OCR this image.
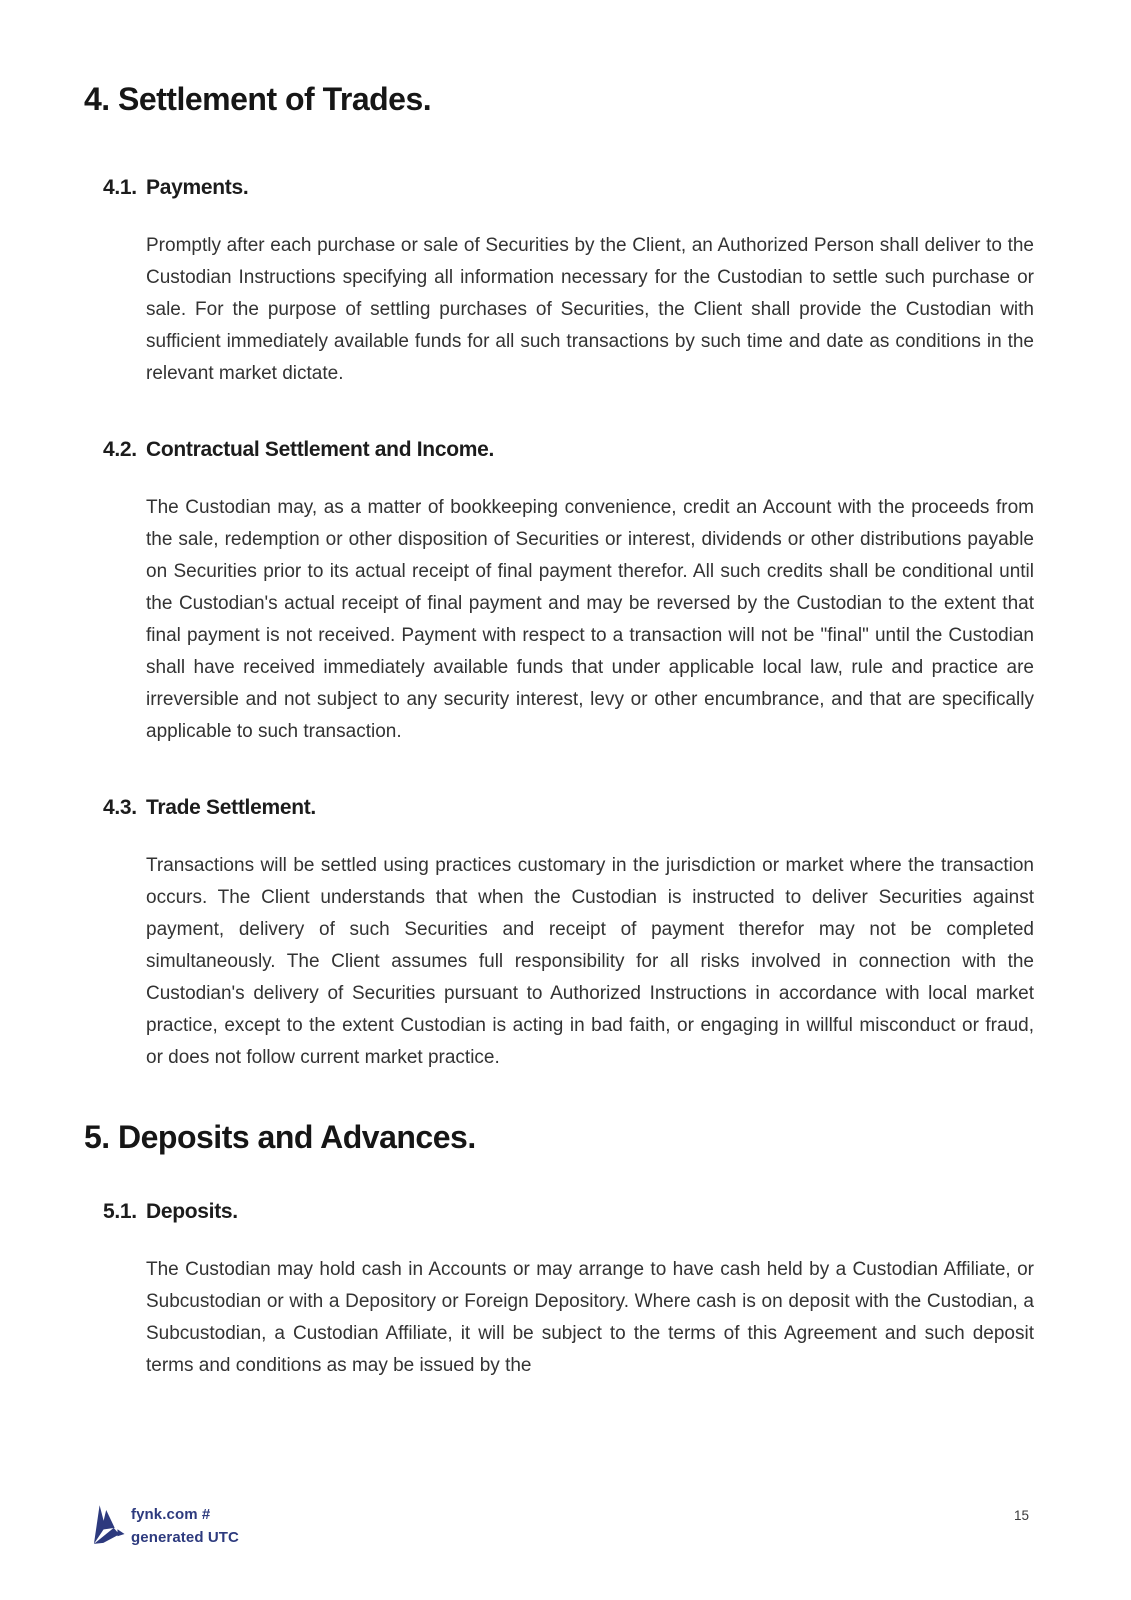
4. Settlement of Trades.
4.1. Payments.

Promptly after each purchase or sale of Securities by the Client, an Authorized Person shall deliver to the Custodian Instructions specifying all information necessary for the Custodian to settle such purchase or sale. For the purpose of settling purchases of Securities, the Client shall provide the Custodian with sufficient immediately available funds for all such transactions by such time and date as conditions in the relevant market dictate.

4.2. Contractual Settlement and Income.

The Custodian may, as a matter of bookkeeping convenience, credit an Account with the proceeds from the sale, redemption or other disposition of Securities or interest, dividends or other distributions payable on Securities prior to its actual receipt of final payment therefor. All such credits shall be conditional until the Custodian's actual receipt of final payment and may be reversed by the Custodian to the extent that final payment is not received. Payment with respect to a transaction will not be "final" until the Custodian shall have received immediately available funds that under applicable local law, rule and practice are irreversible and not subject to any security interest, levy or other encumbrance, and that are specifically applicable to such transaction.

4.3. Trade Settlement.

Transactions will be settled using practices customary in the jurisdiction or market where the transaction occurs. The Client understands that when the Custodian is instructed to deliver Securities against payment, delivery of such Securities and receipt of payment therefor may not be completed simultaneously. The Client assumes full responsibility for all risks involved in connection with the Custodian's delivery of Securities pursuant to Authorized Instructions in accordance with local market practice, except to the extent Custodian is acting in bad faith, or engaging in willful misconduct or fraud, or does not follow current market practice.

5. Deposits and Advances.
5.1. Deposits.

The Custodian may hold cash in Accounts or may arrange to have cash held by a Custodian Affiliate, or Subcustodian or with a Depository or Foreign Depository. Where cash is on deposit with the Custodian, a Subcustodian, a Custodian Affiliate, it will be subject to the terms of this Agreement and such deposit terms and conditions as may be issued by the

fynk.com #
generated UTC
15
